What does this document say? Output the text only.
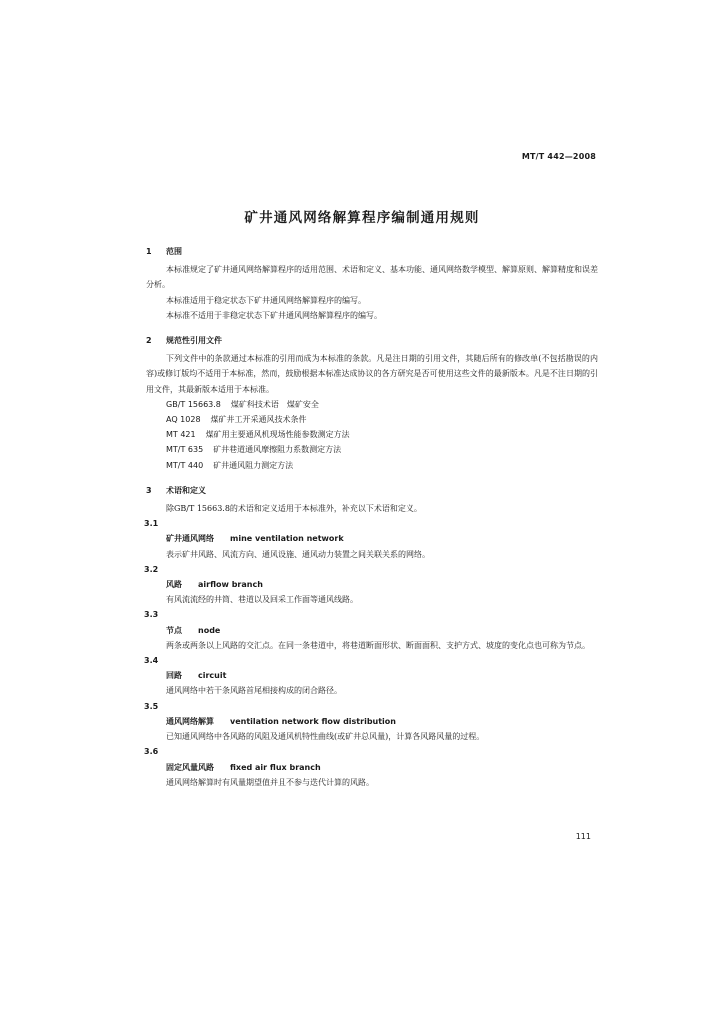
MT/T 442—2008
矿井通风网络解算程序编制通用规则
1 范围

本标准规定了矿井通风网络解算程序的适用范围、术语和定义、基本功能、通风网络数学模型、解算原则、解算精度和误差分析。

本标准适用于稳定状态下矿井通风网络解算程序的编写。

本标准不适用于非稳定状态下矿井通风网络解算程序的编写。

2 规范性引用文件

下列文件中的条款通过本标准的引用而成为本标准的条款。凡是注日期的引用文件，其随后所有的修改单(不包括勘误的内容)或修订版均不适用于本标准，然而，鼓励根据本标准达成协议的各方研究是否可使用这些文件的最新版本。凡是不注日期的引用文件，其最新版本适用于本标准。

GB/T 15663.8 煤矿科技术语　煤矿安全
AQ 1028 煤矿井工开采通风技术条件
MT 421 煤矿用主要通风机现场性能参数测定方法
MT/T 635 矿井巷道通风摩擦阻力系数测定方法
MT/T 440 矿井通风阻力测定方法
3 术语和定义

除GB/T 15663.8的术语和定义适用于本标准外，补充以下术语和定义。

3.1
矿井通风网络 mine ventilation network

表示矿井风路、风流方向、通风设施、通风动力装置之间关联关系的网络。

3.2
风路 airflow branch

有风流流经的井筒、巷道以及回采工作面等通风线路。

3.3
节点 node

两条或两条以上风路的交汇点。在同一条巷道中，将巷道断面形状、断面面积、支护方式、坡度的变化点也可称为节点。

3.4
回路 circuit

通风网络中若干条风路首尾相接构成的闭合路径。

3.5
通风网络解算 ventilation network flow distribution

已知通风网络中各风路的风阻及通风机特性曲线(或矿井总风量)，计算各风路风量的过程。

3.6
固定风量风路 fixed air flux branch

通风网络解算时有风量期望值并且不参与迭代计算的风路。

111
